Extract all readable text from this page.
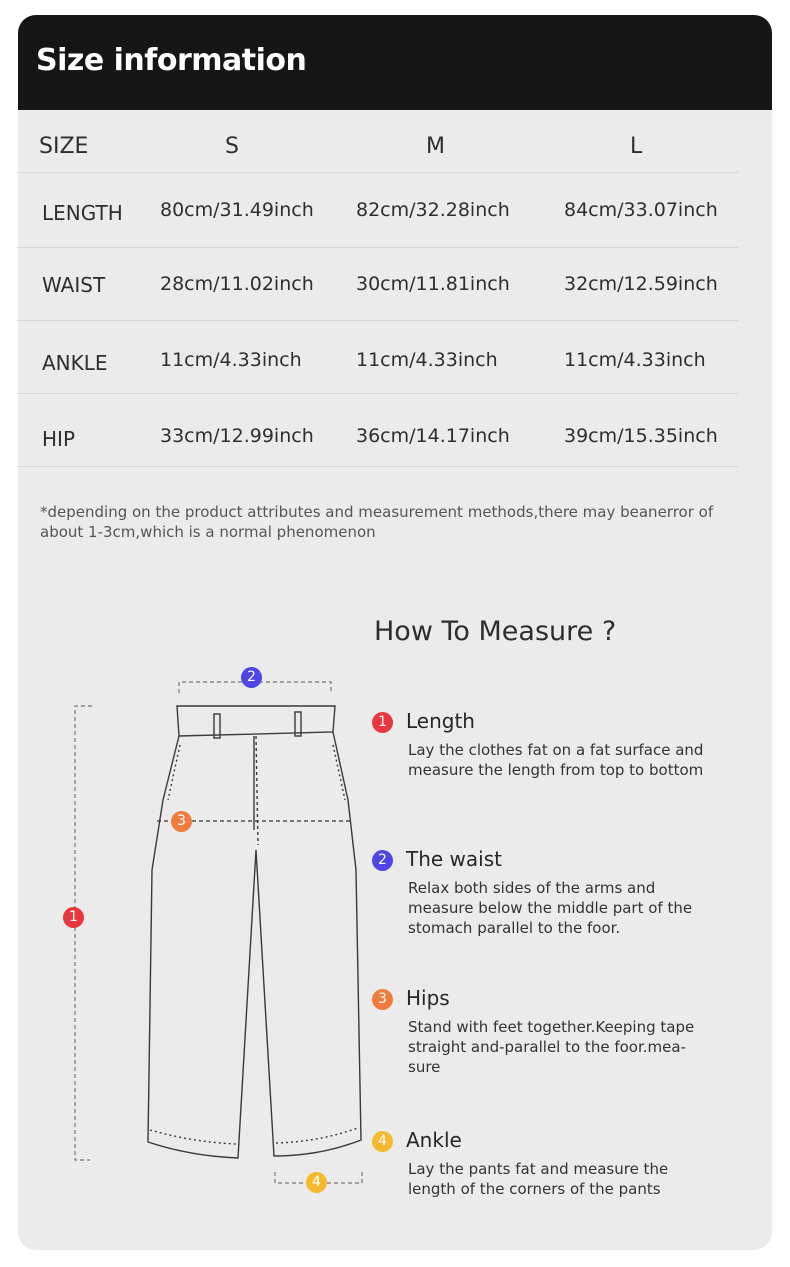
Size information
SIZE	S	M	L
LENGTH 80cm/31.49inch 82cm/32.28inch	84cm/33.07inch
WAIST	28cm/11.02inch 30cm/11.81inch	32cm/12.59inch
ANKLE	11cm/4.33inch	11cm/4.33inch	11cm/4.33inch
HIP	33cm/12.99inch 36cm/14.17inch	39cm/15.35inch
*depending on the product attributes and measurement methods,there may beanerror of about 1-3cm,which is a normal phenomenon
2
1
3
4
How To Measure ?
1 Length
Lay the clothes fat on a fat surface and measure the length from top to bottom
2 The waist
Relax both sides of the arms and measure below the middle part of the stomach parallel to the foor.
3 Hips
Stand with feet together.Keeping tape straight and-parallel to the foor.mea-sure
4 Ankle
Lay the pants fat and measure the length of the corners of the pants
